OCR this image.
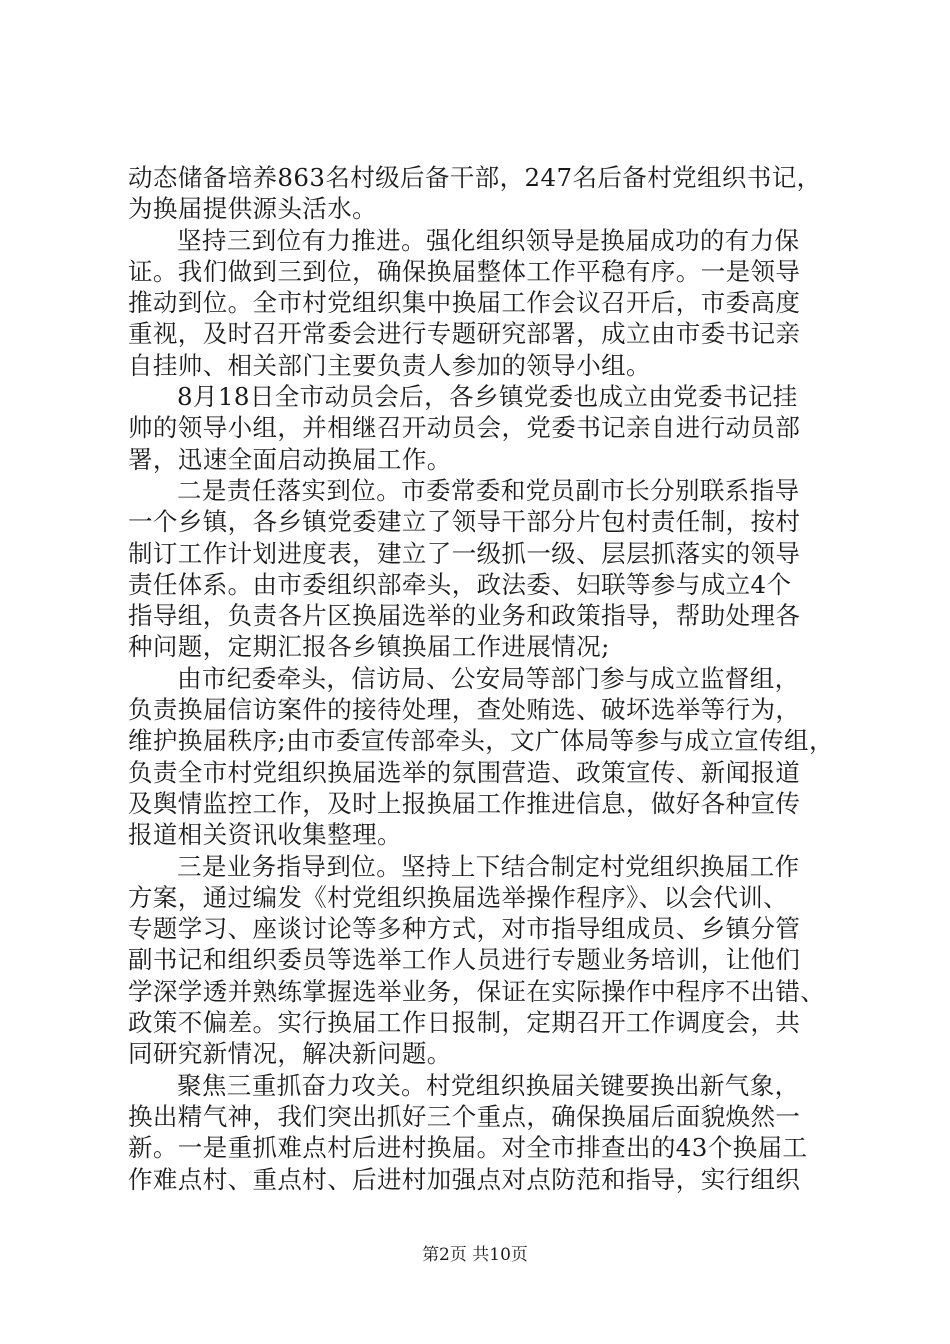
动态储备培养863名村级后备干部，247名后备村党组织书记，
为换届提供源头活水。
坚持三到位有力推进。强化组织领导是换届成功的有力保
证。我们做到三到位，确保换届整体工作平稳有序。一是领导
推动到位。全市村党组织集中换届工作会议召开后，市委高度
重视，及时召开常委会进行专题研究部署，成立由市委书记亲
自挂帅、相关部门主要负责人参加的领导小组。
8月18日全市动员会后，各乡镇党委也成立由党委书记挂
帅的领导小组，并相继召开动员会，党委书记亲自进行动员部
署，迅速全面启动换届工作。
二是责任落实到位。市委常委和党员副市长分别联系指导
一个乡镇，各乡镇党委建立了领导干部分片包村责任制，按村
制订工作计划进度表，建立了一级抓一级、层层抓落实的领导
责任体系。由市委组织部牵头，政法委、妇联等参与成立4个
指导组，负责各片区换届选举的业务和政策指导，帮助处理各
种问题，定期汇报各乡镇换届工作进展情况;
由市纪委牵头，信访局、公安局等部门参与成立监督组，
负责换届信访案件的接待处理，查处贿选、破坏选举等行为，
维护换届秩序;由市委宣传部牵头，文广体局等参与成立宣传组，
负责全市村党组织换届选举的氛围营造、政策宣传、新闻报道
及舆情监控工作，及时上报换届工作推进信息，做好各种宣传
报道相关资讯收集整理。
三是业务指导到位。坚持上下结合制定村党组织换届工作
方案，通过编发《村党组织换届选举操作程序》、以会代训、
专题学习、座谈讨论等多种方式，对市指导组成员、乡镇分管
副书记和组织委员等选举工作人员进行专题业务培训，让他们
学深学透并熟练掌握选举业务，保证在实际操作中程序不出错、
政策不偏差。实行换届工作日报制，定期召开工作调度会，共
同研究新情况，解决新问题。
聚焦三重抓奋力攻关。村党组织换届关键要换出新气象，
换出精气神，我们突出抓好三个重点，确保换届后面貌焕然一
新。一是重抓难点村后进村换届。对全市排查出的43个换届工
作难点村、重点村、后进村加强点对点防范和指导，实行组织
第2页 共10页
